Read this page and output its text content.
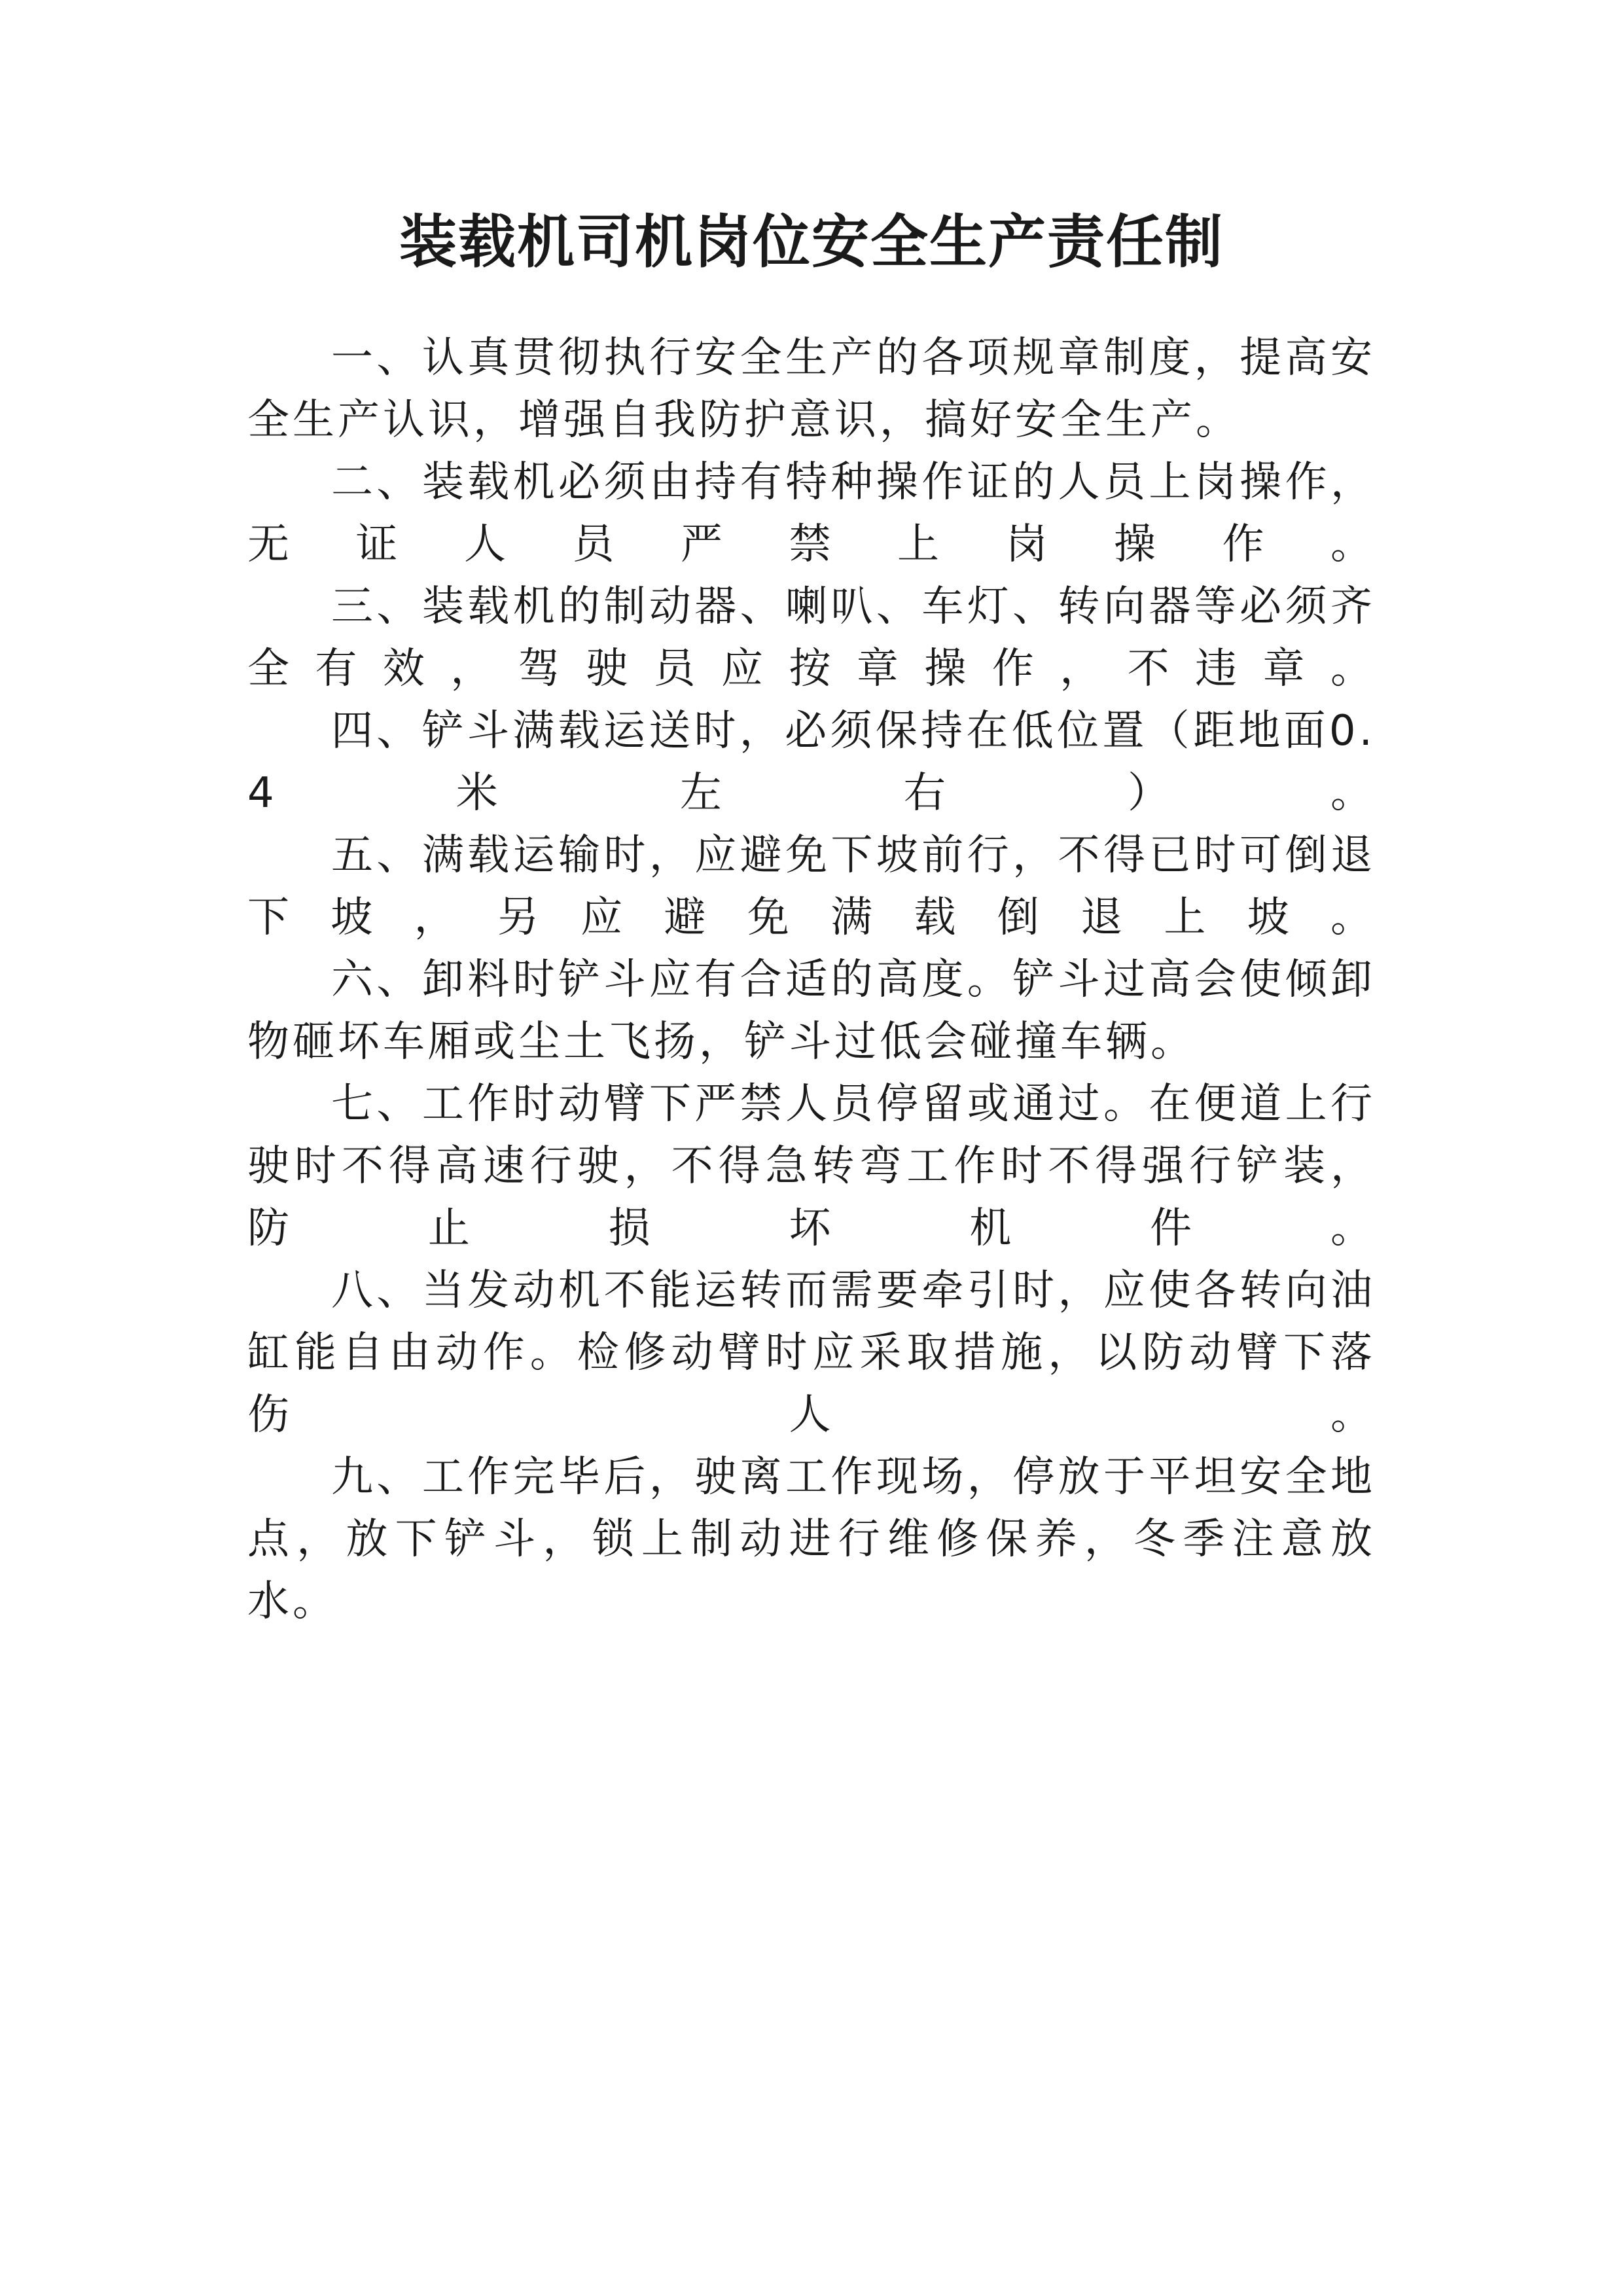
装载机司机岗位安全生产责任制

一、认真贯彻执行安全生产的各项规章制度，提高安全生产认识，增强自我防护意识，搞好安全生产。

二、装载机必须由持有特种操作证的人员上岗操作，无证人员严禁上岗操作。

三、装载机的制动器、喇叭、车灯、转向器等必须齐全有效，驾驶员应按章操作，不违章。

四、铲斗满载运送时，必须保持在低位置（距地面0.4米左右）。

五、满载运输时，应避免下坡前行，不得已时可倒退下坡，另应避免满载倒退上坡。

六、卸料时铲斗应有合适的高度。铲斗过高会使倾卸物砸坏车厢或尘土飞扬，铲斗过低会碰撞车辆。

七、工作时动臂下严禁人员停留或通过。在便道上行驶时不得高速行驶，不得急转弯工作时不得强行铲装，防止损坏机件。

八、当发动机不能运转而需要牵引时，应使各转向油缸能自由动作。检修动臂时应采取措施，以防动臂下落伤人。

九、工作完毕后，驶离工作现场，停放于平坦安全地点，放下铲斗，锁上制动进行维修保养，冬季注意放水。
